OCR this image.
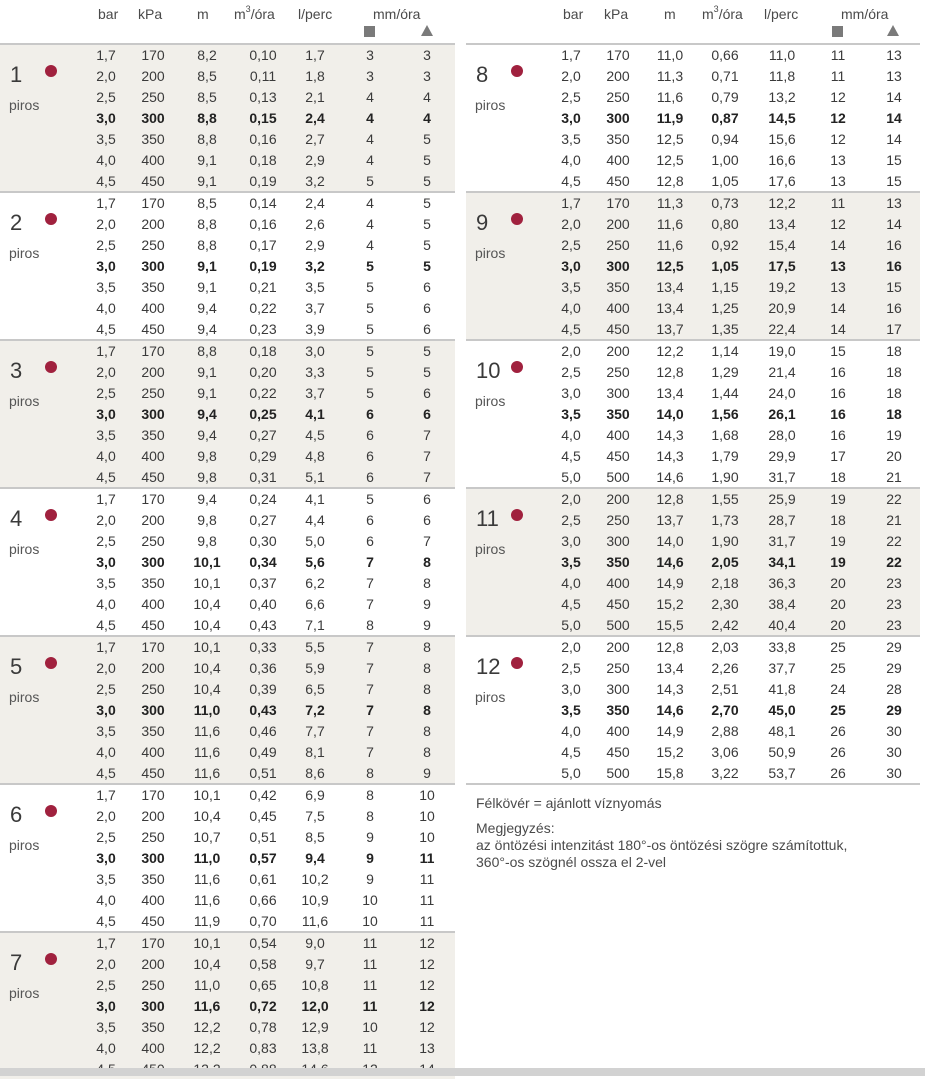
bar kPa m $m^3$/óra l/perc	mm/óra
1
piros
1,7	170	8,2	0,10	1,7	3	3
2,0	200	8,5	0,11	1,8	3	3
2,5	250	8,5	0,13	2,1	4	4
3,0	300	8,8	0,15	2,4	4	4
3,5	350	8,8	0,16	2,7	4	5
4,0	400	9,1	0,18	2,9	4	5
4,5	450	9,1	0,19	3,2	5	5
2
piros
1,7	170	8,5	0,14	2,4	4	5
2,0	200	8,8	0,16	2,6	4	5
2,5	250	8,8	0,17	2,9	4	5
3,0	300	9,1	0,19	3,2	5	5
3,5	350	9,1	0,21	3,5	5	6
4,0	400	9,4	0,22	3,7	5	6
4,5	450	9,4	0,23	3,9	5	6
3
piros
1,7	170	8,8	0,18	3,0	5	5
2,0	200	9,1	0,20	3,3	5	5
2,5	250	9,1	0,22	3,7	5	6
3,0	300	9,4	0,25	4,1	6	6
3,5	350	9,4	0,27	4,5	6	7
4,0	400	9,8	0,29	4,8	6	7
4,5	450	9,8	0,31	5,1	6	7
4
piros
1,7	170	9,4	0,24	4,1	5	6
2,0	200	9,8	0,27	4,4	6	6
2,5	250	9,8	0,30	5,0	6	7
3,0	300	10,1	0,34	5,6	7	8
3,5	350	10,1	0,37	6,2	7	8
4,0	400	10,4	0,40	6,6	7	9
4,5	450	10,4	0,43	7,1	8	9
5
piros
1,7	170	10,1	0,33	5,5	7	8
2,0	200	10,4	0,36	5,9	7	8
2,5	250	10,4	0,39	6,5	7	8
3,0	300	11,0	0,43	7,2	7	8
3,5	350	11,6	0,46	7,7	7	8
4,0	400	11,6	0,49	8,1	7	8
4,5	450	11,6	0,51	8,6	8	9
6
piros
1,7	170	10,1	0,42	6,9	8	10
2,0	200	10,4	0,45	7,5	8	10
2,5	250	10,7	0,51	8,5	9	10
3,0	300	11,0	0,57	9,4	9	11
3,5	350	11,6	0,61	10,2	9	11
4,0	400	11,6	0,66	10,9	10	11
4,5	450	11,9	0,70	11,6	10	11
7
piros
1,7	170	10,1	0,54	9,0	11	12
2,0	200	10,4	0,58	9,7	11	12
2,5	250	11,0	0,65	10,8	11	12
3,0	300	11,6	0,72	12,0	11	12
3,5	350	12,2	0,78	12,9	10	12
4,0	400	12,2	0,83	13,8	11	13
bar kPa	m $m^3$/óra l/perc	mm/óra
8
piros
1,7	170	11,0	0,66	11,0	11	13
2,0	200	11,3	0,71	11,8	11	13
2,5	250	11,6	0,79	13,2	12	14
3,0	300	11,9	0,87	14,5	12	14
3,5	350	12,5	0,94	15,6	12	14
4,0	400	12,5	1,00	16,6	13	15
4,5	450	12,8	1,05	17,6	13	15
9
piros
1,7	170	11,3	0,73	12,2	11	13
2,0	200	11,6	0,80	13,4	12	14
2,5	250	11,6	0,92	15,4	14	16
3,0	300	12,5	1,05	17,5	13	16
3,5	350	13,4	1,15	19,2	13	15
4,0	400	13,4	1,25	20,9	14	16
4,5	450	13,7	1,35	22,4	14	17
10
piros
2,0	200	12,2	1,14	19,0	15	18
2,5	250	12,8	1,29	21,4	16	18
3,0	300	13,4	1,44	24,0	16	18
3,5	350	14,0	1,56	26,1	16	18
4,0	400	14,3	1,68	28,0	16	19
4,5	450	14,3	1,79	29,9	17	20
5,0	500	14,6	1,90	31,7	18	21
11
piros
2,0	200	12,8	1,55	25,9	19	22
2,5	250	13,7	1,73	28,7	18	21
3,0	300	14,0	1,90	31,7	19	22
3,5	350	14,6	2,05	34,1	19	22
4,0	400	14,9	2,18	36,3	20	23
4,5	450	15,2	2,30	38,4	20	23
5,0	500	15,5	2,42	40,4	20	23
12
piros
2,0	200	12,8	2,03	33,8	25	29
2,5	250	13,4	2,26	37,7	25	29
3,0	300	14,3	2,51	41,8	24	28
3,5	350	14,6	2,70	45,0	25	29
4,0	400	14,9	2,88	48,1	26	30
4,5	450	15,2	3,06	50,9	26	30
5,0	500	15,8	3,22	53,7	26	30

Félkövér = ajánlott víznyomás

Megjegyzés:

az öntözési intenzitást 180°-os öntözési szögre számítottuk,

360°-os szögnél ossza el 2-vel
